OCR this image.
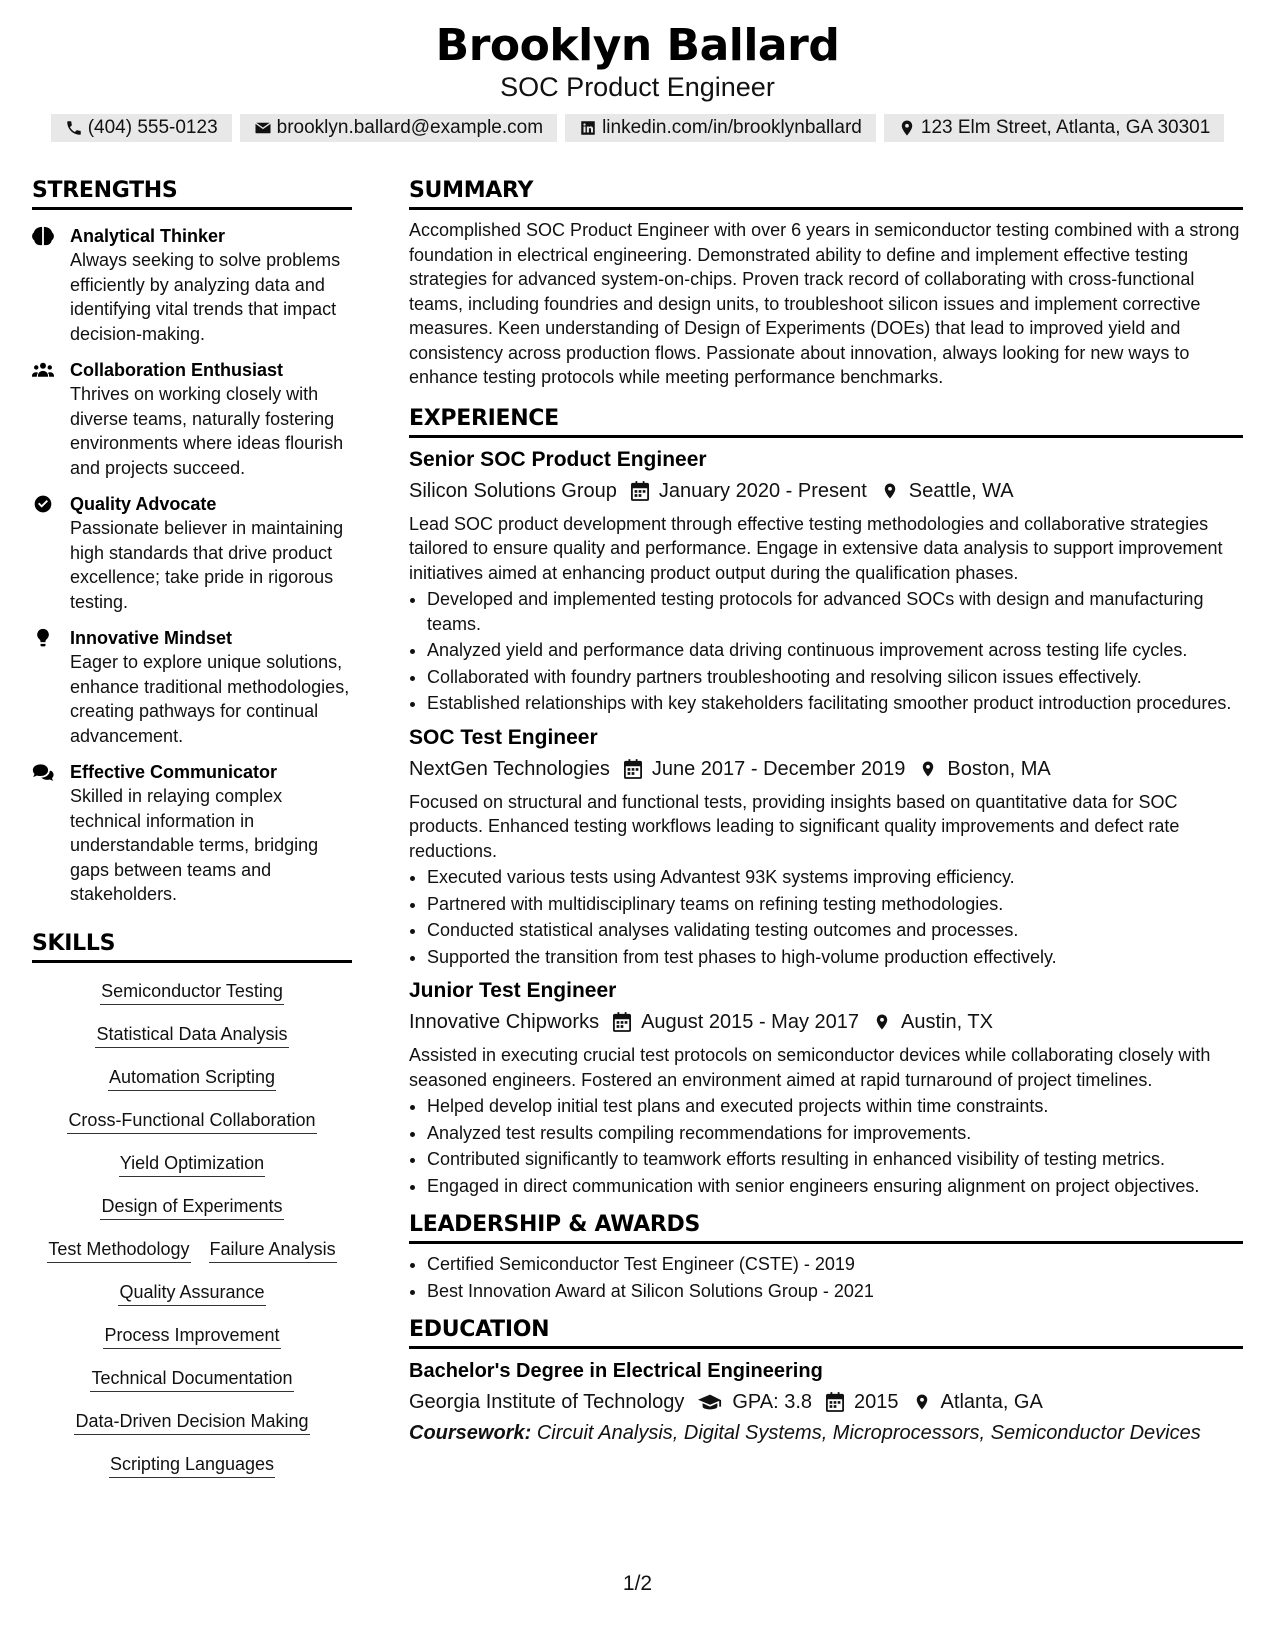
Brooklyn Ballard
SOC Product Engineer
(404) 555-0123	brooklyn.ballard@example.com	linkedin.com/in/brooklynballard	123 Elm Street, Atlanta, GA 30301
STRENGTHS
Analytical Thinker
Always seeking to solve problems efficiently by analyzing data and identifying vital trends that impact decision-making.
Collaboration Enthusiast
Thrives on working closely with diverse teams, naturally fostering environments where ideas flourish and projects succeed.
Quality Advocate
Passionate believer in maintaining high standards that drive product excellence; take pride in rigorous testing.
Innovative Mindset
Eager to explore unique solutions, enhance traditional methodologies, creating pathways for continual advancement.
Effective Communicator
Skilled in relaying complex technical information in understandable terms, bridging gaps between teams and stakeholders.
SKILLS
Semiconductor Testing
Statistical Data Analysis
Automation Scripting
Cross-Functional Collaboration
Yield Optimization
Design of Experiments
Test Methodology Failure Analysis
Quality Assurance
Process Improvement
Technical Documentation
Data-Driven Decision Making
Scripting Languages
SUMMARY

Accomplished SOC Product Engineer with over 6 years in semiconductor testing combined with a strong foundation in electrical engineering. Demonstrated ability to define and implement effective testing strategies for advanced system-on-chips. Proven track record of collaborating with cross-functional teams, including foundries and design units, to troubleshoot silicon issues and implement corrective measures. Keen understanding of Design of Experiments (DOEs) that lead to improved yield and consistency across production flows. Passionate about innovation, always looking for new ways to enhance testing protocols while meeting performance benchmarks.

EXPERIENCE
Senior SOC Product Engineer
Silicon Solutions Group January 2020 - Present Seattle, WA
Lead SOC product development through effective testing methodologies and collaborative strategies tailored to ensure quality and performance. Engage in extensive data analysis to support improvement initiatives aimed at enhancing product output during the qualification phases.
• Developed and implemented testing protocols for advanced SOCs with design and manufacturing teams.
• Analyzed yield and performance data driving continuous improvement across testing life cycles.
• Collaborated with foundry partners troubleshooting and resolving silicon issues effectively.
• Established relationships with key stakeholders facilitating smoother product introduction procedures.
SOC Test Engineer
NextGen Technologies June 2017 - December 2019 Boston, MA
Focused on structural and functional tests, providing insights based on quantitative data for SOC products. Enhanced testing workflows leading to significant quality improvements and defect rate reductions.
• Executed various tests using Advantest 93K systems improving efficiency.
• Partnered with multidisciplinary teams on refining testing methodologies.
• Conducted statistical analyses validating testing outcomes and processes.
• Supported the transition from test phases to high-volume production effectively.
Junior Test Engineer
Innovative Chipworks August 2015 - May 2017 Austin, TX
Assisted in executing crucial test protocols on semiconductor devices while collaborating closely with seasoned engineers. Fostered an environment aimed at rapid turnaround of project timelines.
• Helped develop initial test plans and executed projects within time constraints.
• Analyzed test results compiling recommendations for improvements.
• Contributed significantly to teamwork efforts resulting in enhanced visibility of testing metrics.
• Engaged in direct communication with senior engineers ensuring alignment on project objectives.
LEADERSHIP & AWARDS
• Certified Semiconductor Test Engineer (CSTE) - 2019
• Best Innovation Award at Silicon Solutions Group - 2021
EDUCATION
Bachelor's Degree in Electrical Engineering
Georgia Institute of Technology GPA: 3.8 2015 Atlanta, GA
Coursework: Circuit Analysis, Digital Systems, Microprocessors, Semiconductor Devices
1/2
